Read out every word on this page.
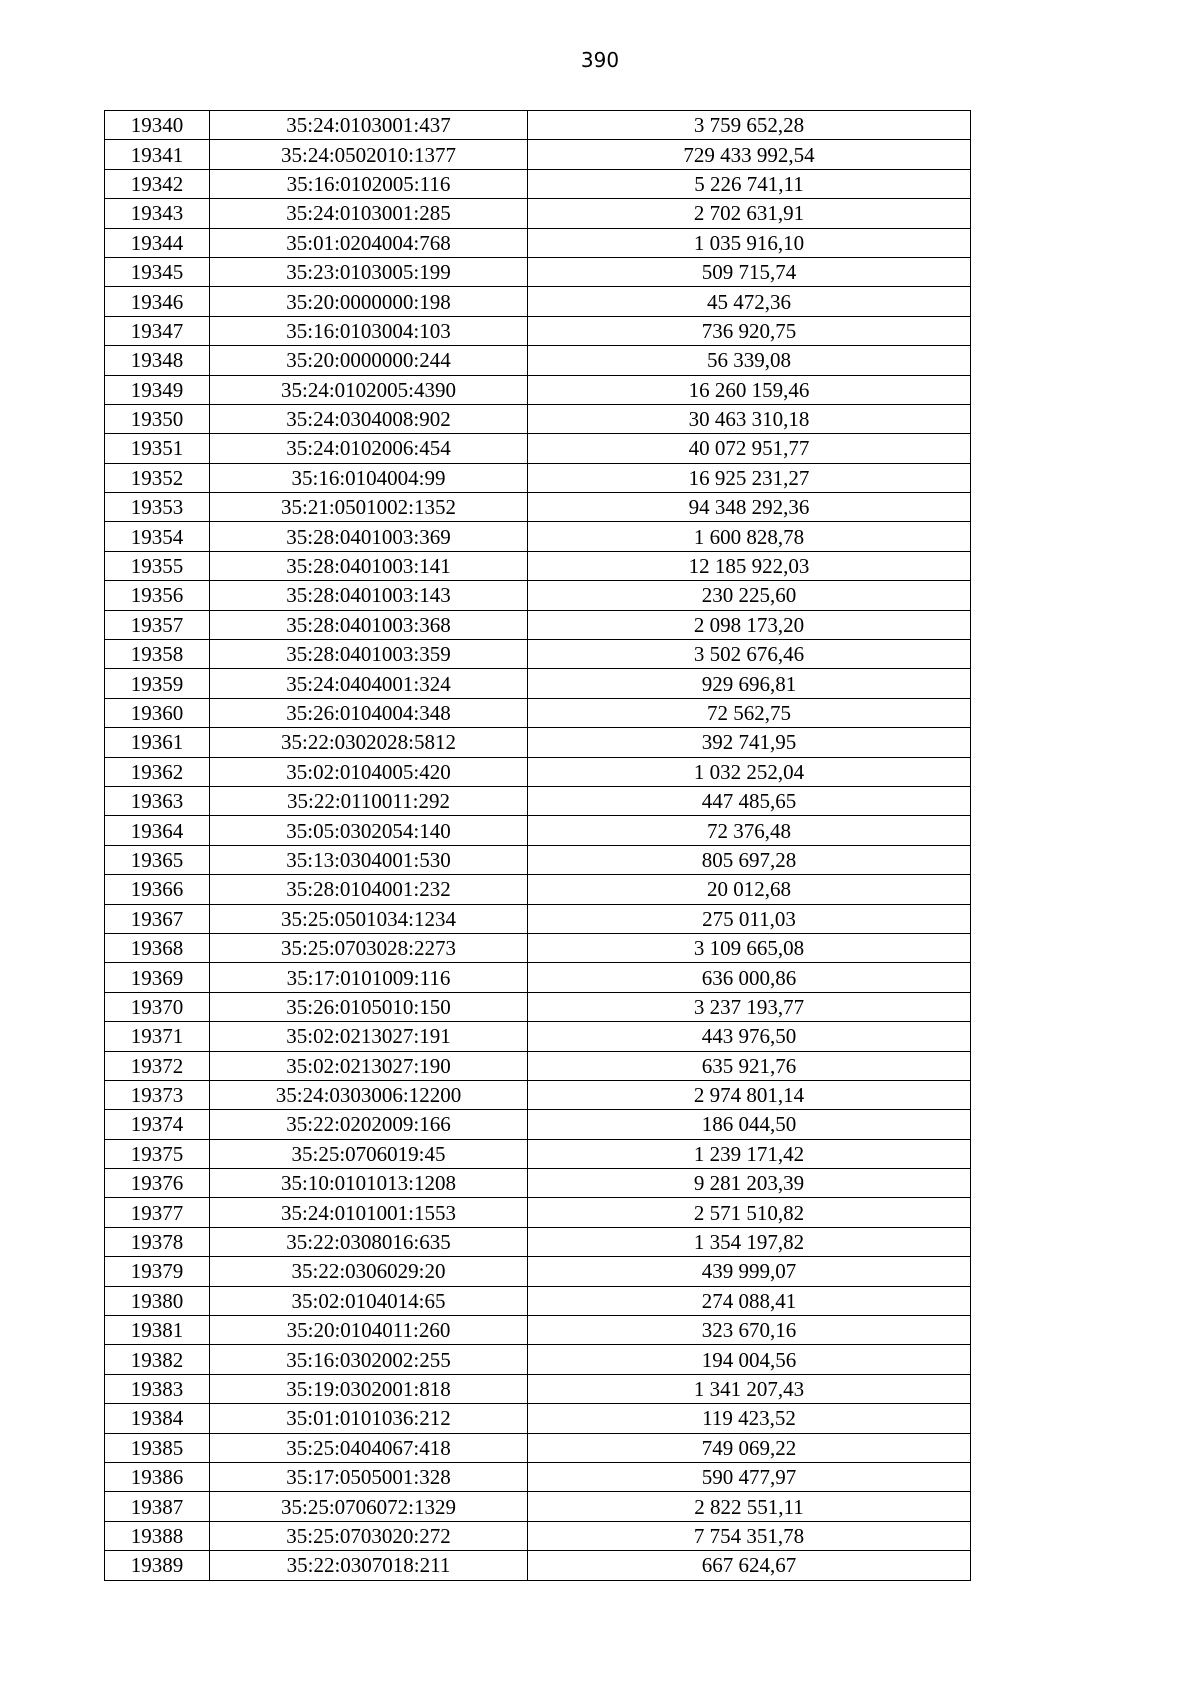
390
19340	35:24:0103001:437	3 759 652,28
19341	35:24:0502010:1377	729 433 992,54
19342	35:16:0102005:116	5 226 741,11
19343	35:24:0103001:285	2 702 631,91
19344	35:01:0204004:768	1 035 916,10
19345	35:23:0103005:199	509 715,74
19346	35:20:0000000:198	45 472,36
19347	35:16:0103004:103	736 920,75
19348	35:20:0000000:244	56 339,08
19349	35:24:0102005:4390	16 260 159,46
19350	35:24:0304008:902	30 463 310,18
19351	35:24:0102006:454	40 072 951,77
19352	35:16:0104004:99	16 925 231,27
19353	35:21:0501002:1352	94 348 292,36
19354	35:28:0401003:369	1 600 828,78
19355	35:28:0401003:141	12 185 922,03
19356	35:28:0401003:143	230 225,60
19357	35:28:0401003:368	2 098 173,20
19358	35:28:0401003:359	3 502 676,46
19359	35:24:0404001:324	929 696,81
19360	35:26:0104004:348	72 562,75
19361	35:22:0302028:5812	392 741,95
19362	35:02:0104005:420	1 032 252,04
19363	35:22:0110011:292	447 485,65
19364	35:05:0302054:140	72 376,48
19365	35:13:0304001:530	805 697,28
19366	35:28:0104001:232	20 012,68
19367	35:25:0501034:1234	275 011,03
19368	35:25:0703028:2273	3 109 665,08
19369	35:17:0101009:116	636 000,86
19370	35:26:0105010:150	3 237 193,77
19371	35:02:0213027:191	443 976,50
19372	35:02:0213027:190	635 921,76
19373	35:24:0303006:12200	2 974 801,14
19374	35:22:0202009:166	186 044,50
19375	35:25:0706019:45	1 239 171,42
19376	35:10:0101013:1208	9 281 203,39
19377	35:24:0101001:1553	2 571 510,82
19378	35:22:0308016:635	1 354 197,82
19379	35:22:0306029:20	439 999,07
19380	35:02:0104014:65	274 088,41
19381	35:20:0104011:260	323 670,16
19382	35:16:0302002:255	194 004,56
19383	35:19:0302001:818	1 341 207,43
19384	35:01:0101036:212	119 423,52
19385	35:25:0404067:418	749 069,22
19386	35:17:0505001:328	590 477,97
19387	35:25:0706072:1329	2 822 551,11
19388	35:25:0703020:272	7 754 351,78
19389	35:22:0307018:211	667 624,67
